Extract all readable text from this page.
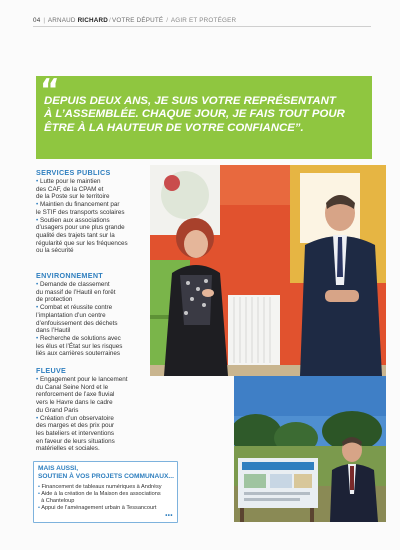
04 | ARNAUD RICHARD/VOTRE DÉPUTÉ / AGIR ET PROTÉGER
“
DEPUIS DEUX ANS, JE SUIS VOTRE REPRÉSENTANT
À L’ASSEMBLÉE. CHAQUE JOUR, JE FAIS TOUT POUR
ÊTRE À LA HAUTEUR DE VOTRE CONFIANCE”.
SERVICES PUBLICS
• Lutte pour le maintien
des CAF, de la CPAM et
de la Poste sur le territoire
• Maintien du financement par
le STIF des transports scolaires
• Soutien aux associations
d’usagers pour une plus grande
qualité des trajets tant sur la
régularité que sur les fréquences
ou la sécurité
ENVIRONNEMENT
• Demande de classement
du massif de l’Hautil en forêt
de protection
• Combat et réussite contre
l’implantation d’un centre
d’enfouissement des déchets
dans l’Hautil
• Recherche de solutions avec
les élus et l’État sur les risques
liés aux carrières souterraines
FLEUVE
• Engagement pour le lancement
du Canal Seine Nord et le
renforcement de l’axe fluvial
vers le Havre dans le cadre
du Grand Paris
• Création d’un observatoire
des marges et des prix pour
les bateliers et interventions
en faveur de leurs situations
matérielles et sociales.
MAIS AUSSI,
SOUTIEN À VOS PROJETS COMMUNAUX...
• Financement de tableaux numériques à Andrésy
• Aide à la création de la Maison des associations
à Chanteloup
• Appui de l’aménagement urbain à Tessancourt
•••
